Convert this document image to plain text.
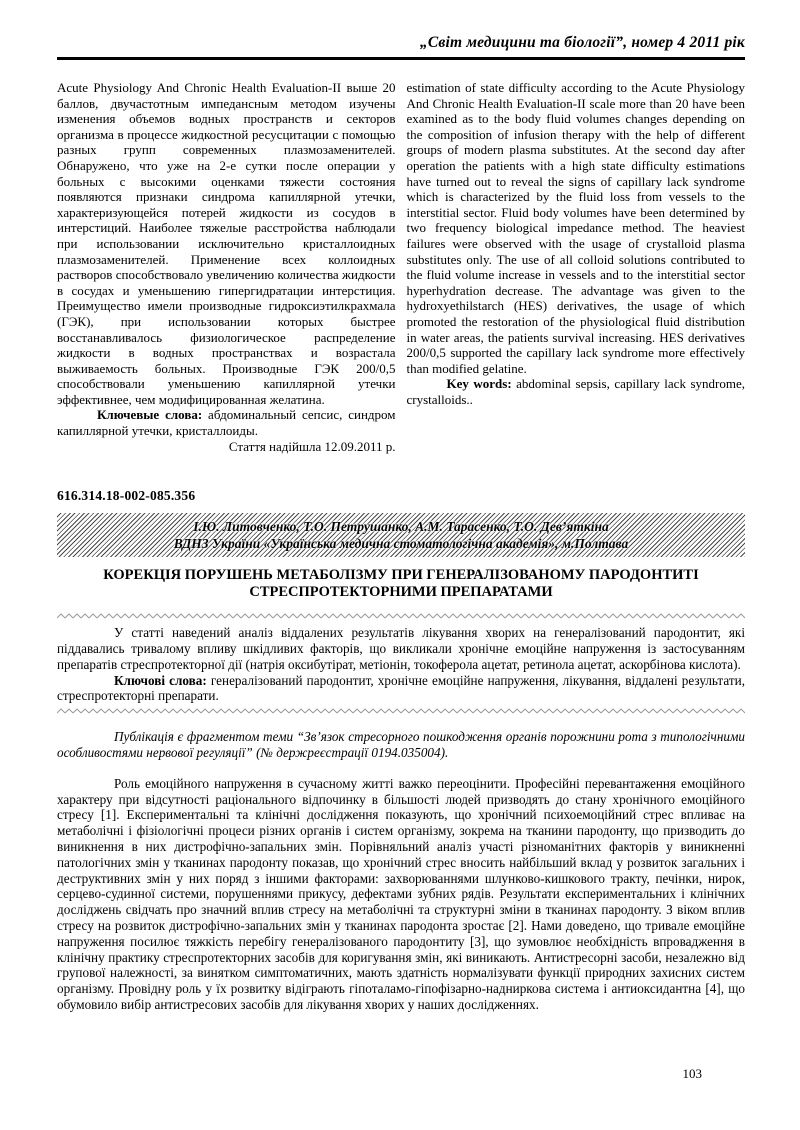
„Світ медицини та біології”, номер 4 2011 рік

Acute Physiology And Chronic Health Evaluation-II выше 20 баллов, двучастотным импедансным методом изучены изменения объемов водных пространств и секторов организма в процессе жидкостной ресусцитации с помощью разных групп современных плазмозаменителей. Обнаружено, что уже на 2-е сутки после операции у больных с высокими оценками тяжести состояния появляются признаки синдрома капиллярной утечки, характеризующейся потерей жидкости из сосудов в интерстиций. Наиболее тяжелые расстройства наблюдали при использовании исключительно кристаллоидных плазмозаменителей. Применение всех коллоидных растворов способствовало увеличению количества жидкости в сосудах и уменьшению гипергидратации интерстиция. Преимущество имели производные гидроксиэтилкрахмала (ГЭК), при использовании которых быстрее восстанавливалось физиологическое распределение жидкости в водных пространствах и возрастала выживаемость больных. Производные ГЭК 200/0,5 способствовали уменьшению капиллярной утечки эффективнее, чем модифицированная желатина.

Ключевые слова: абдоминальный сепсис, синдром капиллярной утечки, кристаллоиды.

Стаття надійшла 12.09.2011 р.

estimation of state difficulty according to the Acute Physiology And Chronic Health Evaluation-II scale more than 20 have been examined as to the body fluid volumes changes depending on the composition of infusion therapy with the help of different groups of modern plasma substitutes. At the second day after operation the patients with a high state difficulty estimations have turned out to reveal the signs of capillary lack syndrome which is characterized by the fluid loss from vessels to the interstitial sector. Fluid body volumes have been determined by two frequency biological impedance method. The heaviest failures were observed with the usage of crystalloid plasma substitutes only. The use of all colloid solutions contributed to the fluid volume increase in vessels and to the interstitial sector hyperhydration decrease. The advantage was given to the hydroxyethilstarch (HES) derivatives, the usage of which promoted the restoration of the physiological fluid distribution in water areas, the patients survival increasing. HES derivatives 200/0,5 supported the capillary lack syndrome more effectively than modified gelatine.

Key words: abdominal sepsis, capillary lack syndrome, crystalloids..

616.314.18-002-085.356
І.Ю. Литовченко, Т.О. Петрушанко, А.М. Тарасенко, Т.О. Дев’яткіна
ВДНЗ України «Українська медична стоматологічна академія», м.Полтава
КОРЕКЦІЯ ПОРУШЕНЬ МЕТАБОЛІЗМУ ПРИ ГЕНЕРАЛІЗОВАНОМУ ПАРОДОНТИТІ СТРЕСПРОТЕКТОРНИМИ ПРЕПАРАТАМИ

У статті наведений аналіз віддалених результатів лікування хворих на генералізований пародонтит, які піддавались тривалому впливу шкідливих факторів, що викликали хронічне емоційне напруження із застосуванням препаратів стреспротекторної дії (натрія оксибутірат, метіонін, токоферола ацетат, ретинола ацетат, аскорбінова кислота).

Ключові слова: генералізований пародонтит, хронічне емоційне напруження, лікування, віддалені результати, стреспротекторні препарати.

Публікація є фрагментом теми “Зв’язок стресорного пошкодження органів порожнини рота з типологічними особливостями нервової регуляції” (№ держреєстрації 0194.035004).

Роль емоційного напруження в сучасному житті важко переоцінити. Професійні перевантаження емоційного характеру при відсутності раціонального відпочинку в більшості людей призводять до стану хронічного емоційного стресу [1]. Експериментальні та клінічні дослідження показують, що хронічний психоемоційний стрес впливає на метаболічні і фізіологічні процеси різних органів і систем організму, зокрема на тканини пародонту, що призводить до виникнення в них дистрофічно-запальних змін. Порівняльний аналіз участі різноманітних факторів у виникненні патологічних змін у тканинах пародонту показав, що хронічний стрес вносить найбільший вклад у розвиток загальних і деструктивних змін у них поряд з іншими факторами: захворюваннями шлунково-кишкового тракту, печінки, нирок, серцево-судинної системи, порушеннями прикусу, дефектами зубних рядів. Результати експериментальних і клінічних досліджень свідчать про значний вплив стресу на метаболічні та структурні зміни в тканинах пародонту. З віком вплив стресу на розвиток дистрофічно-запальних змін у тканинах пародонта зростає [2]. Нами доведено, що тривале емоційне напруження посилює тяжкість перебігу генералізованого пародонтиту [3], що зумовлює необхідність впровадження в клінічну практику стреспротекторних засобів для коригування змін, які виникають. Антистресорні засоби, незалежно від групової належності, за винятком симптоматичних, мають здатність нормалізувати функції природних захисних систем організму. Провідну роль у їх розвитку відіграють гіпоталамо-гіпофізарно-надниркова система і антиоксидантна [4], що обумовило вибір антистресових засобів для лікування хворих у наших дослідженнях.

103
